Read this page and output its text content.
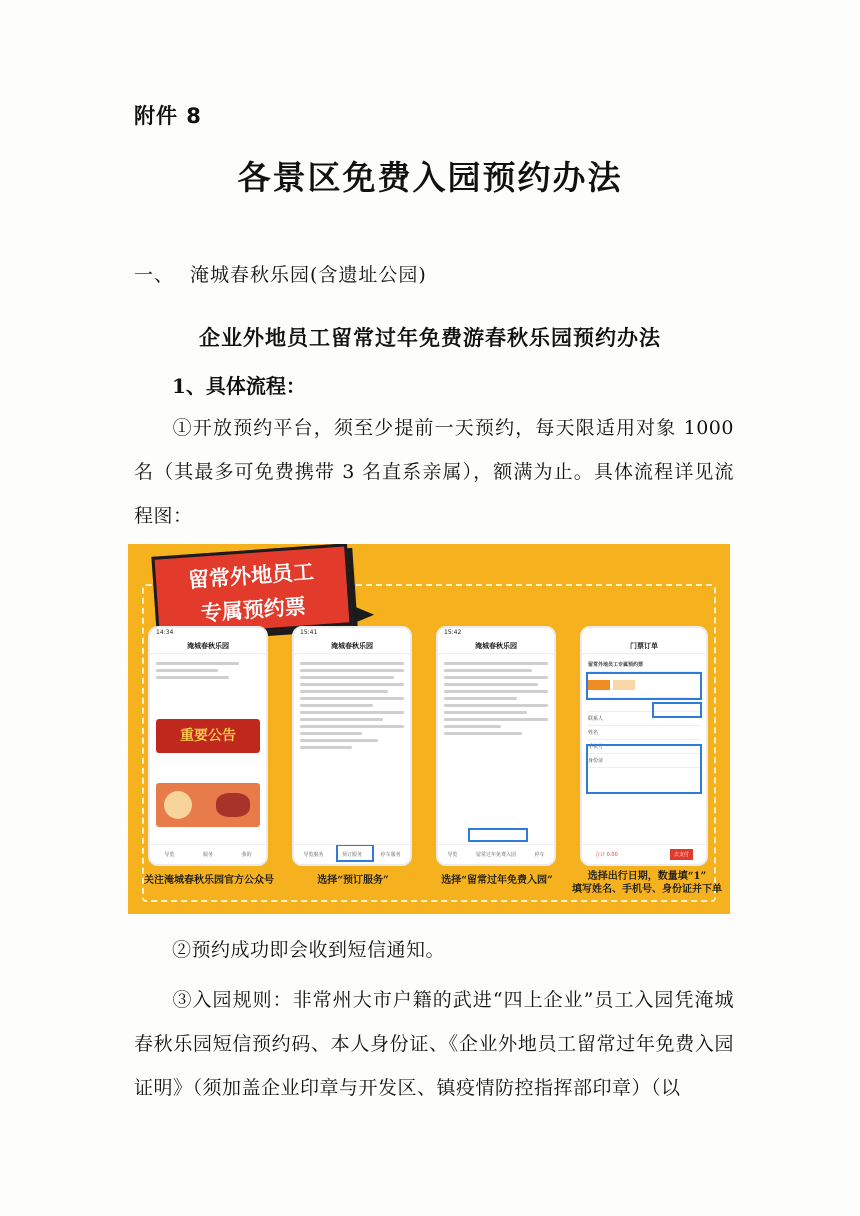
附件 8
各景区免费入园预约办法
一、 淹城春秋乐园(含遗址公园)
企业外地员工留常过年免费游春秋乐园预约办法
1、具体流程：

①开放预约平台，须至少提前一天预约，每天限适用对象 1000 名（其最多可免费携带 3 名直系亲属），额满为止。具体流程详见流程图：

留常外地员工
专属预约票
14:34
淹城春秋乐园
重要公告
导览	服务	我的
15:41
淹城春秋乐园
导览服务	预订服务	停车服务
15:42
淹城春秋乐园
导览	留常过年免费入园	停车
门票订单
留常外地员工专属预约票
联系人
姓名
手机号
身份证
合计 0.00	去支付
关注淹城春秋乐园官方公众号	选择“预订服务”	选择“留常过年免费入园”	选择出行日期，数量填“1”
填写姓名、手机号、身份证并下单

②预约成功即会收到短信通知。

③入园规则：非常州大市户籍的武进“四上企业”员工入园凭淹城春秋乐园短信预约码、本人身份证、《企业外地员工留常过年免费入园证明》（须加盖企业印章与开发区、镇疫情防控指挥部印章）（以
